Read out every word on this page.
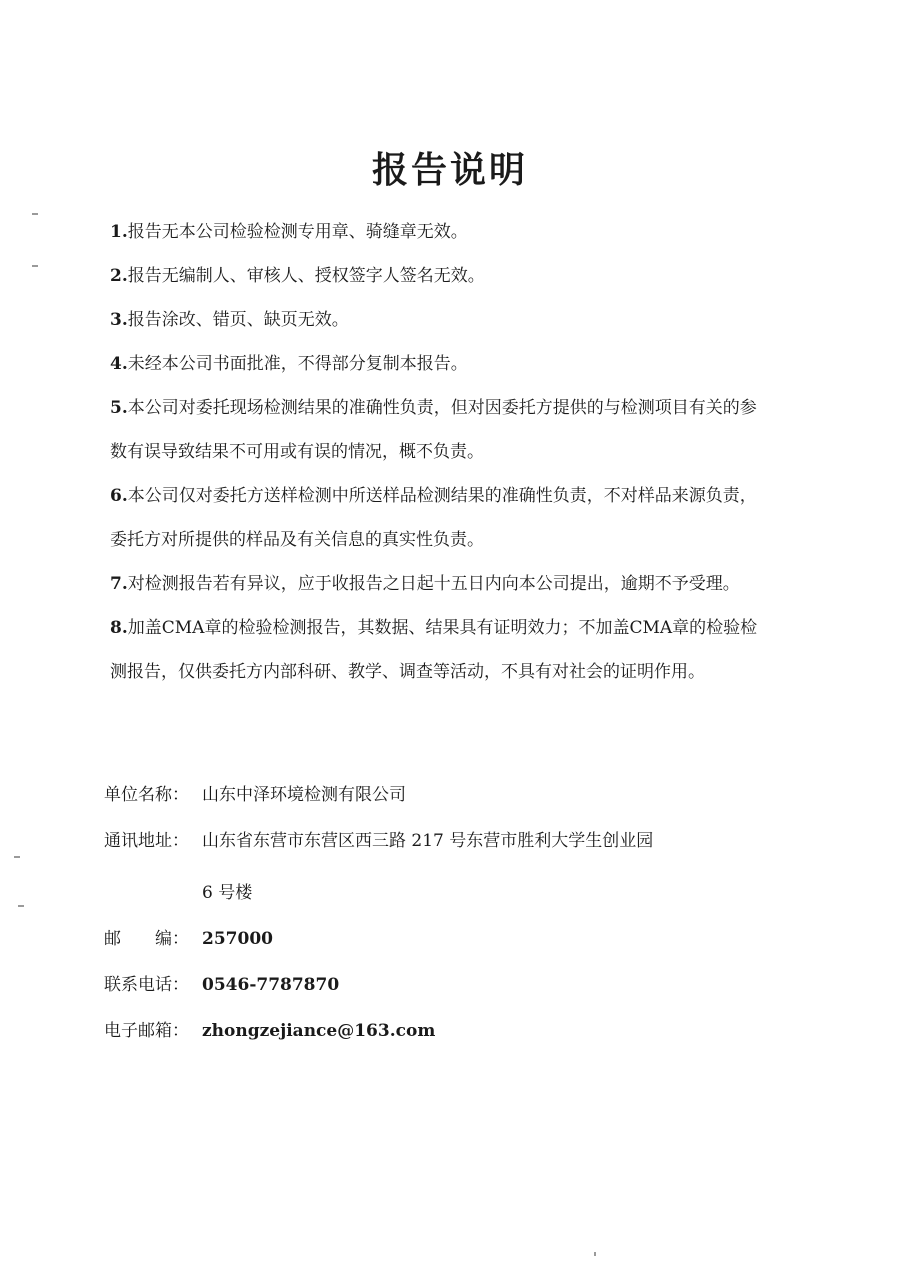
报告说明

1.报告无本公司检验检测专用章、骑缝章无效。

2.报告无编制人、审核人、授权签字人签名无效。

3.报告涂改、错页、缺页无效。

4.未经本公司书面批准，不得部分复制本报告。

5.本公司对委托现场检测结果的准确性负责，但对因委托方提供的与检测项目有关的参

数有误导致结果不可用或有误的情况，概不负责。

6.本公司仅对委托方送样检测中所送样品检测结果的准确性负责，不对样品来源负责，

委托方对所提供的样品及有关信息的真实性负责。

7.对检测报告若有异议，应于收报告之日起十五日内向本公司提出，逾期不予受理。

8.加盖CMA章的检验检测报告，其数据、结果具有证明效力；不加盖CMA章的检验检

测报告，仅供委托方内部科研、教学、调查等活动，不具有对社会的证明作用。

单位名称： 山东中泽环境检测有限公司
通讯地址： 山东省东营市东营区西三路 217 号东营市胜利大学生创业园
6 号楼
邮　　编： 257000
联系电话： 0546-7787870
电子邮箱： zhongzejiance@163.com
